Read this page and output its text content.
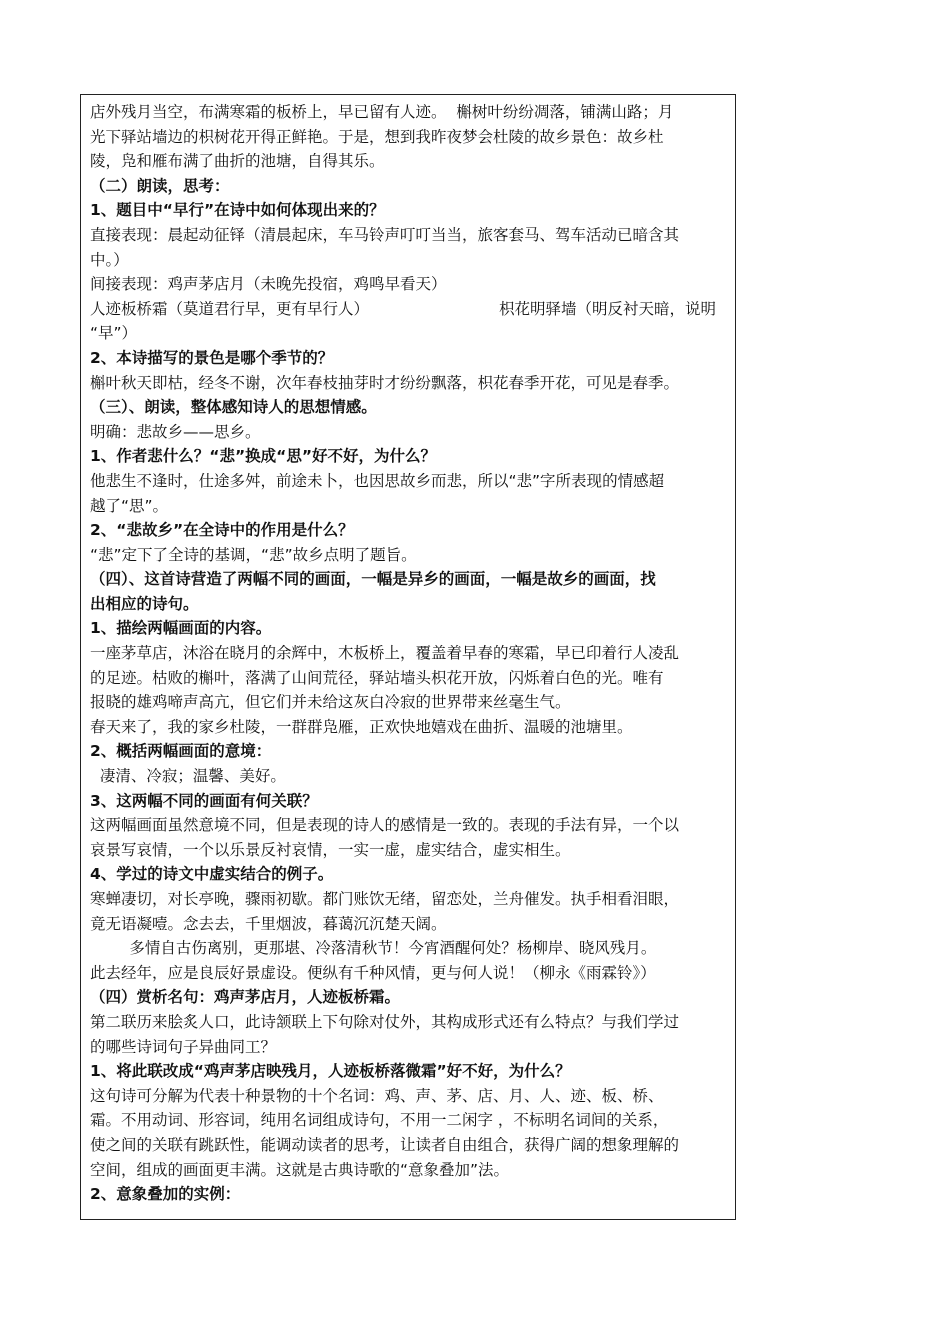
店外残月当空，布满寒霜的板桥上，早已留有人迹。  槲树叶纷纷凋落，铺满山路；月
光下驿站墙边的枳树花开得正鲜艳。于是，想到我昨夜梦会杜陵的故乡景色：故乡杜
陵，凫和雁布满了曲折的池塘，自得其乐。
（二）朗读，思考：
1、题目中“早行”在诗中如何体现出来的？
直接表现：晨起动征铎（清晨起床，车马铃声叮叮当当，旅客套马、驾车活动已暗含其
中。）
间接表现：鸡声茅店月（未晚先投宿，鸡鸣早看天）
人迹板桥霜（莫道君行早，更有早行人）	枳花明驿墙（明反衬天暗，说明
“早”）
2、本诗描写的景色是哪个季节的？
槲叶秋天即枯，经冬不谢，次年春枝抽芽时才纷纷飘落，枳花春季开花，可见是春季。
（三）、朗读，整体感知诗人的思想情感。
明确：悲故乡——思乡。
1、作者悲什么？“悲”换成“思”好不好，为什么？
他悲生不逢时，仕途多舛，前途未卜，也因思故乡而悲，所以“悲”字所表现的情感超
越了“思”。
2、“悲故乡”在全诗中的作用是什么？
“悲”定下了全诗的基调，“悲”故乡点明了题旨。
（四）、这首诗营造了两幅不同的画面，一幅是异乡的画面，一幅是故乡的画面，找
出相应的诗句。
1、描绘两幅画面的内容。
一座茅草店，沐浴在晓月的余辉中，木板桥上，覆盖着早春的寒霜，早已印着行人凌乱
的足迹。枯败的槲叶，落满了山间荒径，驿站墙头枳花开放，闪烁着白色的光。唯有
报晓的雄鸡啼声高亢，但它们并未给这灰白冷寂的世界带来丝毫生气。
春天来了，我的家乡杜陵，一群群凫雁，正欢快地嬉戏在曲折、温暖的池塘里。
2、概括两幅画面的意境：
凄清、冷寂；温馨、美好。
3、这两幅不同的画面有何关联？
这两幅画面虽然意境不同，但是表现的诗人的感情是一致的。表现的手法有异，一个以
哀景写哀情，一个以乐景反衬哀情，一实一虚，虚实结合，虚实相生。
4、学过的诗文中虚实结合的例子。
寒蝉凄切，对长亭晚，骤雨初歇。都门账饮无绪，留恋处，兰舟催发。执手相看泪眼，
竟无语凝噎。念去去，千里烟波，暮蔼沉沉楚天阔。
多情自古伤离别，更那堪、冷落清秋节！今宵酒醒何处？杨柳岸、晓风残月。
此去经年，应是良辰好景虚设。便纵有千种风情，更与何人说！（柳永《雨霖铃》）
（四）赏析名句：鸡声茅店月，人迹板桥霜。
第二联历来脍炙人口，此诗颔联上下句除对仗外，其构成形式还有么特点？与我们学过
的哪些诗词句子异曲同工？
1、将此联改成“鸡声茅店映残月，人迹板桥落微霜”好不好，为什么？
这句诗可分解为代表十种景物的十个名词：鸡、声、茅、店、月、人、迹、板、桥、
霜。不用动词、形容词，纯用名词组成诗句，不用一二闲字 ，不标明名词间的关系，
使之间的关联有跳跃性，能调动读者的思考，让读者自由组合，获得广阔的想象理解的
空间，组成的画面更丰满。这就是古典诗歌的“意象叠加”法。
2、意象叠加的实例：
